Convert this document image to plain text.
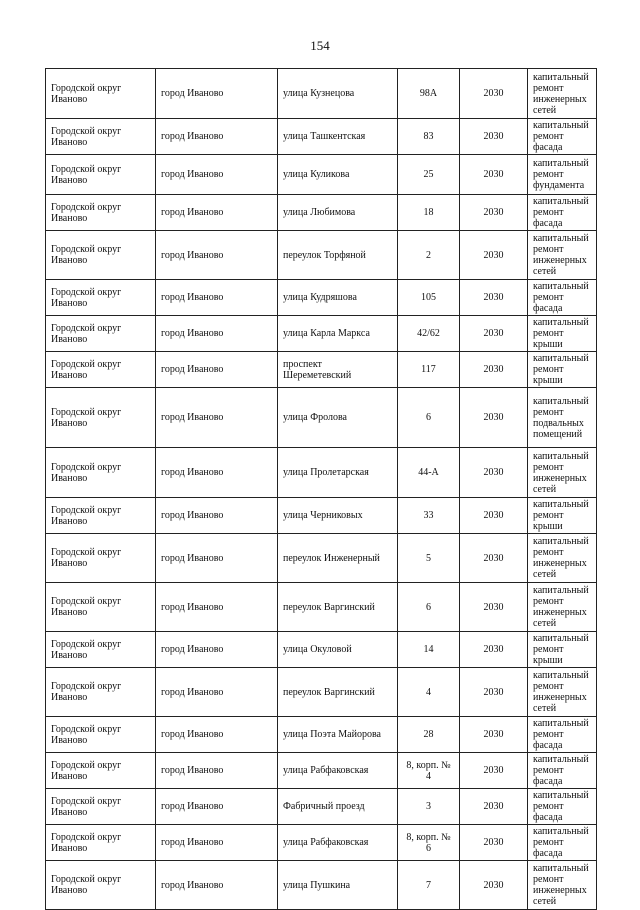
154
Городской округ Иваново	город Иваново	улица Кузнецова	98А	2030	капитальный ремонт инженерных сетей
Городской округ Иваново	город Иваново	улица Ташкентская	83	2030	капитальный ремонт фасада
Городской округ Иваново	город Иваново	улица Куликова	25	2030	капитальный ремонт фундамента
Городской округ Иваново	город Иваново	улица Любимова	18	2030	капитальный ремонт фасада
Городской округ Иваново	город Иваново	переулок Торфяной	2	2030	капитальный ремонт инженерных сетей
Городской округ Иваново	город Иваново	улица Кудряшова	105	2030	капитальный ремонт фасада
Городской округ Иваново	город Иваново	улица Карла Маркса	42/62	2030	капитальный ремонт крыши
Городской округ Иваново	город Иваново	проспект Шереметевский	117	2030	капитальный ремонт крыши
Городской округ Иваново	город Иваново	улица Фролова	6	2030	капитальный ремонт подвальных помещений
Городской округ Иваново	город Иваново	улица Пролетарская	44-А	2030	капитальный ремонт инженерных сетей
Городской округ Иваново	город Иваново	улица Черниковых	33	2030	капитальный ремонт крыши
Городской округ Иваново	город Иваново	переулок Инженерный	5	2030	капитальный ремонт инженерных сетей
Городской округ Иваново	город Иваново	переулок Варгинский	6	2030	капитальный ремонт инженерных сетей
Городской округ Иваново	город Иваново	улица Окуловой	14	2030	капитальный ремонт крыши
Городской округ Иваново	город Иваново	переулок Варгинский	4	2030	капитальный ремонт инженерных сетей
Городской округ Иваново	город Иваново	улица Поэта Майорова	28	2030	капитальный ремонт фасада
Городской округ Иваново	город Иваново	улица Рабфаковская	8, корп. № 4	2030	капитальный ремонт фасада
Городской округ Иваново	город Иваново	Фабричный проезд	3	2030	капитальный ремонт фасада
Городской округ Иваново	город Иваново	улица Рабфаковская	8, корп. № 6	2030	капитальный ремонт фасада
Городской округ Иваново	город Иваново	улица Пушкина	7	2030	капитальный ремонт инженерных сетей
